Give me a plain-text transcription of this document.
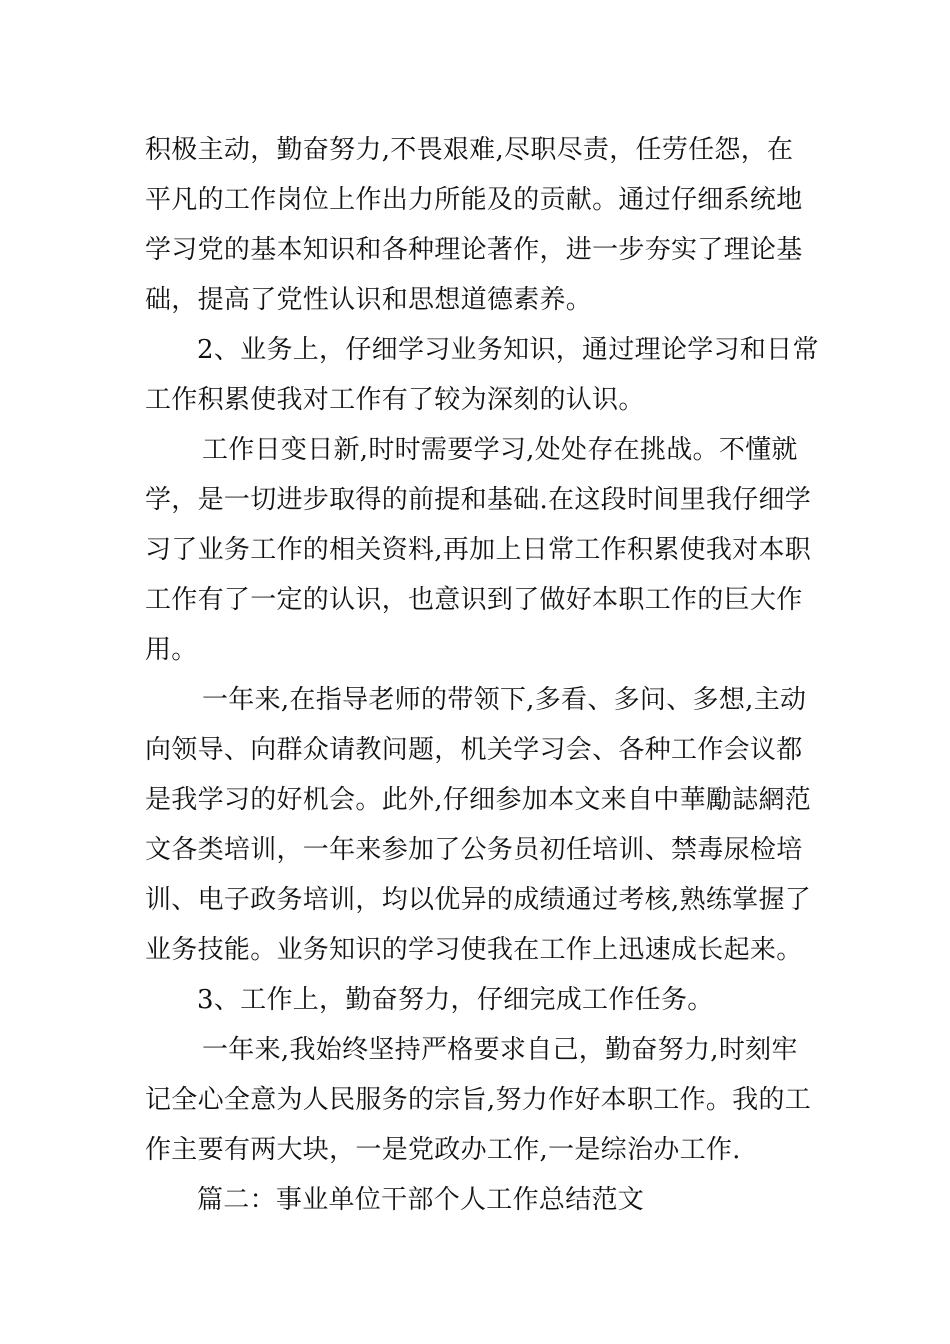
积极主动，勤奋努力,不畏艰难,尽职尽责，任劳任怨，在
平凡的工作岗位上作出力所能及的贡献。通过仔细系统地
学习党的基本知识和各种理论著作，进一步夯实了理论基
础，提高了党性认识和思想道德素养。
2、业务上，仔细学习业务知识，通过理论学习和日常
工作积累使我对工作有了较为深刻的认识。
工作日变日新,时时需要学习,处处存在挑战。不懂就
学，是一切进步取得的前提和基础.在这段时间里我仔细学
习了业务工作的相关资料,再加上日常工作积累使我对本职
工作有了一定的认识，也意识到了做好本职工作的巨大作
用。
一年来,在指导老师的带领下,多看、多问、多想,主动
向领导、向群众请教问题，机关学习会、各种工作会议都
是我学习的好机会。此外,仔细参加本文来自中華勵誌網范
文各类培训，一年来参加了公务员初任培训、禁毒尿检培
训、电子政务培训，均以优异的成绩通过考核,熟练掌握了
业务技能。业务知识的学习使我在工作上迅速成长起来。
3、工作上，勤奋努力，仔细完成工作任务。
一年来,我始终坚持严格要求自己，勤奋努力,时刻牢
记全心全意为人民服务的宗旨,努力作好本职工作。我的工
作主要有两大块，一是党政办工作,一是综治办工作.
篇二：事业单位干部个人工作总结范文
